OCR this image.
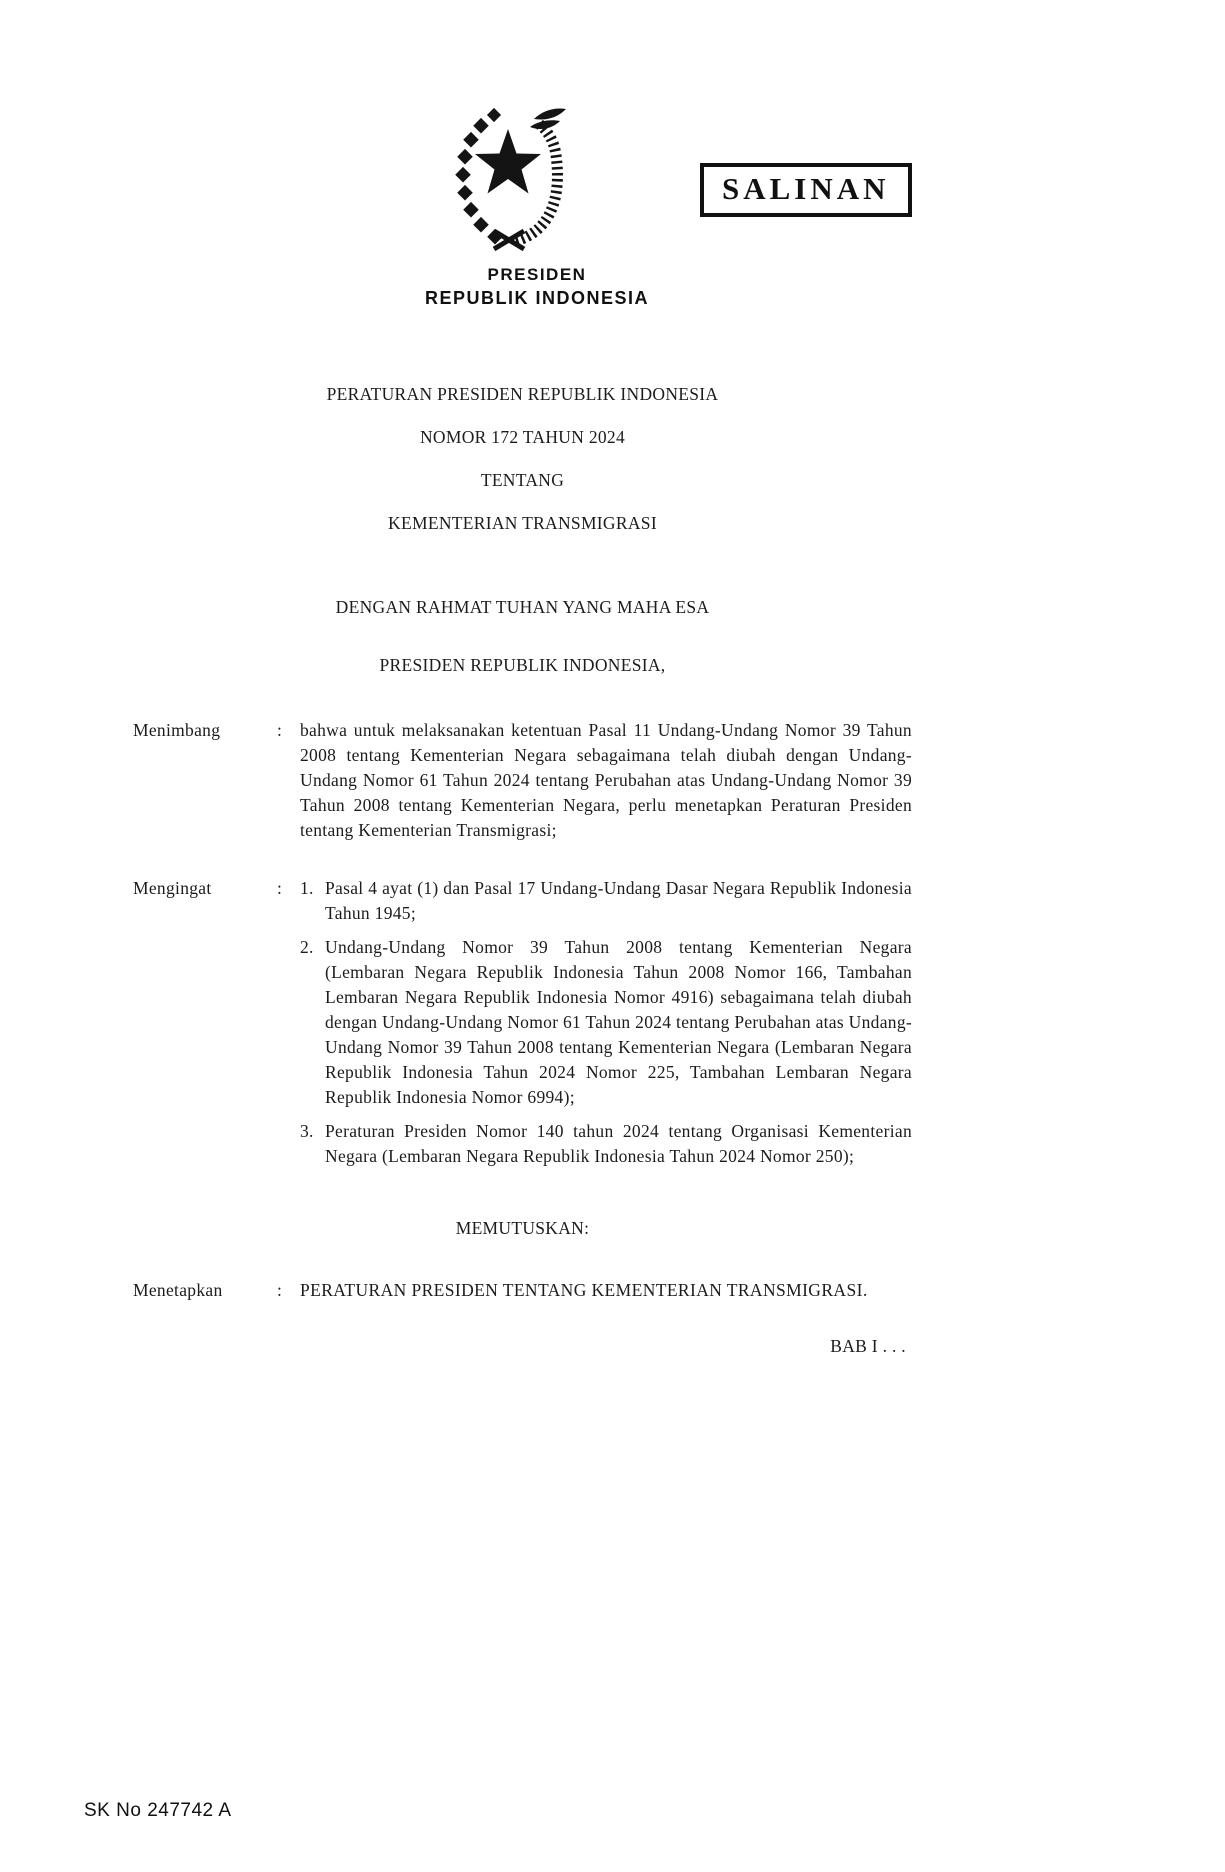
PRESIDEN
REPUBLIK INDONESIA
SALINAN

PERATURAN PRESIDEN REPUBLIK INDONESIA

NOMOR 172 TAHUN 2024

TENTANG

KEMENTERIAN TRANSMIGRASI

DENGAN RAHMAT TUHAN YANG MAHA ESA

PRESIDEN REPUBLIK INDONESIA,

Menimbang	:	bahwa untuk melaksanakan ketentuan Pasal 11 Undang-Undang Nomor 39 Tahun 2008 tentang Kementerian Negara sebagaimana telah diubah dengan Undang-Undang Nomor 61 Tahun 2024 tentang Perubahan atas Undang-Undang Nomor 39 Tahun 2008 tentang Kementerian Negara, perlu menetapkan Peraturan Presiden tentang Kementerian Transmigrasi;
Mengingat	:	1. Pasal 4 ayat (1) dan Pasal 17 Undang-Undang Dasar Negara Republik Indonesia Tahun 1945;
2. Undang-Undang Nomor 39 Tahun 2008 tentang Kementerian Negara (Lembaran Negara Republik Indonesia Tahun 2008 Nomor 166, Tambahan Lembaran Negara Republik Indonesia Nomor 4916) sebagaimana telah diubah dengan Undang-Undang Nomor 61 Tahun 2024 tentang Perubahan atas Undang-Undang Nomor 39 Tahun 2008 tentang Kementerian Negara (Lembaran Negara Republik Indonesia Tahun 2024 Nomor 225, Tambahan Lembaran Negara Republik Indonesia Nomor 6994);
3. Peraturan Presiden Nomor 140 tahun 2024 tentang Organisasi Kementerian Negara (Lembaran Negara Republik Indonesia Tahun 2024 Nomor 250);

MEMUTUSKAN:

Menetapkan	:	PERATURAN PRESIDEN TENTANG KEMENTERIAN TRANSMIGRASI.

BAB I . . .

SK No 247742 A
